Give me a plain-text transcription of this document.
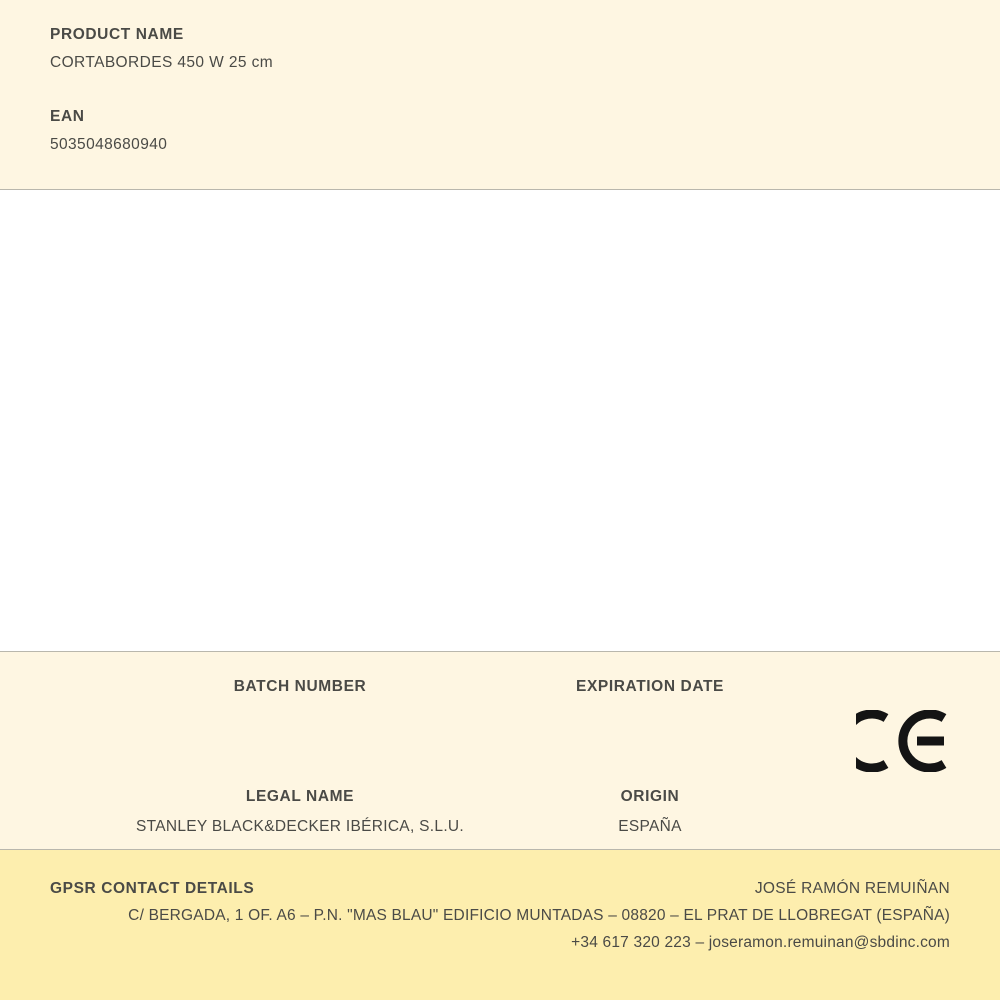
PRODUCT NAME
CORTABORDES 450 W 25 cm
EAN
5035048680940
BATCH NUMBER	EXPIRATION DATE
LEGAL NAME
STANLEY BLACK&DECKER IBÉRICA, S.L.U.
ORIGIN
ESPAÑA
GPSR CONTACT DETAILS	JOSÉ RAMÓN REMUIÑAN
C/ BERGADA, 1 OF. A6 – P.N. "MAS BLAU" EDIFICIO MUNTADAS – 08820 – EL PRAT DE LLOBREGAT (ESPAÑA)
+34 617 320 223 – joseramon.remuinan@sbdinc.com
